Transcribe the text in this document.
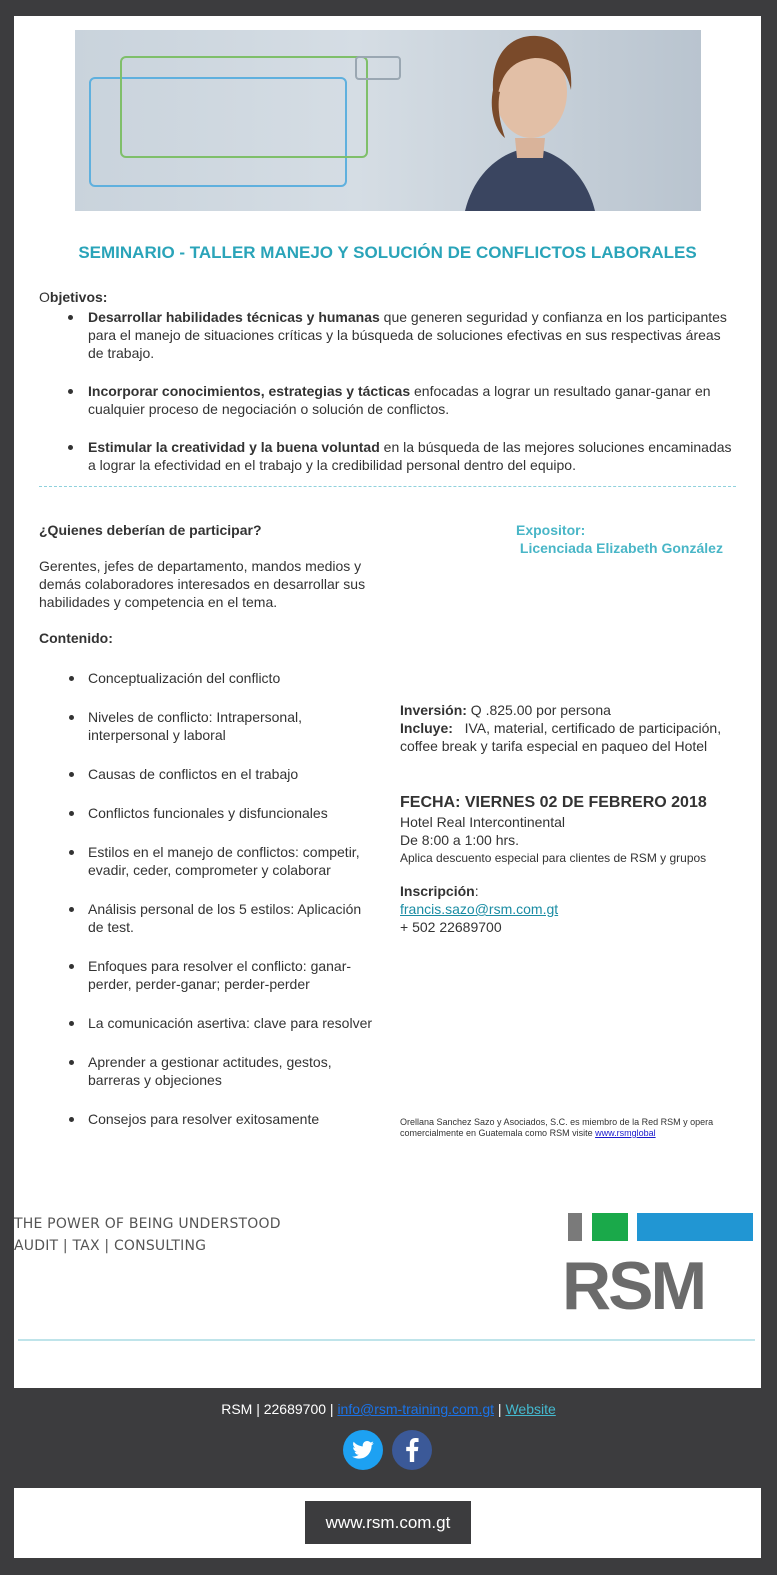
SEMINARIO - TALLER MANEJO Y SOLUCIÓN DE CONFLICTOS LABORALES
Objetivos:
Desarrollar habilidades técnicas y humanas que generen seguridad y confianza en los participantes para el manejo de situaciones críticas y la búsqueda de soluciones efectivas en sus respectivas áreas de trabajo.
Incorporar conocimientos, estrategias y tácticas enfocadas a lograr un resultado ganar-ganar en cualquier proceso de negociación o solución de conflictos.
Estimular la creatividad y la buena voluntad en la búsqueda de las mejores soluciones encaminadas a lograr la efectividad en el trabajo y la credibilidad personal dentro del equipo.
¿Quienes deberían de participar?
Gerentes, jefes de departamento, mandos medios y demás colaboradores interesados en desarrollar sus habilidades y competencia en el tema.
Expositor:
Licenciada Elizabeth González
Contenido:
Conceptualización del conflicto
Niveles de conflicto: Intrapersonal, interpersonal y laboral
Causas de conflictos en el trabajo
Conflictos funcionales y disfuncionales
Estilos en el manejo de conflictos: competir, evadir, ceder, comprometer y colaborar
Análisis personal de los 5 estilos: Aplicación de test.
Enfoques para resolver el conflicto: ganar-perder, perder-ganar; perder-perder
La comunicación asertiva: clave para resolver
Aprender a gestionar actitudes, gestos, barreras y objeciones
Consejos para resolver exitosamente
Inversión: Q .825.00 por persona
Incluye:   IVA, material, certificado de participación, coffee break y tarifa especial en paqueo del Hotel
FECHA: VIERNES 02 DE FEBRERO 2018
Hotel Real Intercontinental
De 8:00 a 1:00 hrs.
Aplica descuento especial para clientes de RSM y grupos
Inscripción:
francis.sazo@rsm.com.gt
+ 502 22689700
Orellana Sanchez Sazo y Asociados, S.C. es miembro de la Red RSM y opera comercialmente en Guatemala como RSM visite www.rsmglobal
THE POWER OF BEING UNDERSTOOD
AUDIT | TAX | CONSULTING
RSM
RSM | 22689700 | info@rsm-training.com.gt | Website
www.rsm.com.gt
